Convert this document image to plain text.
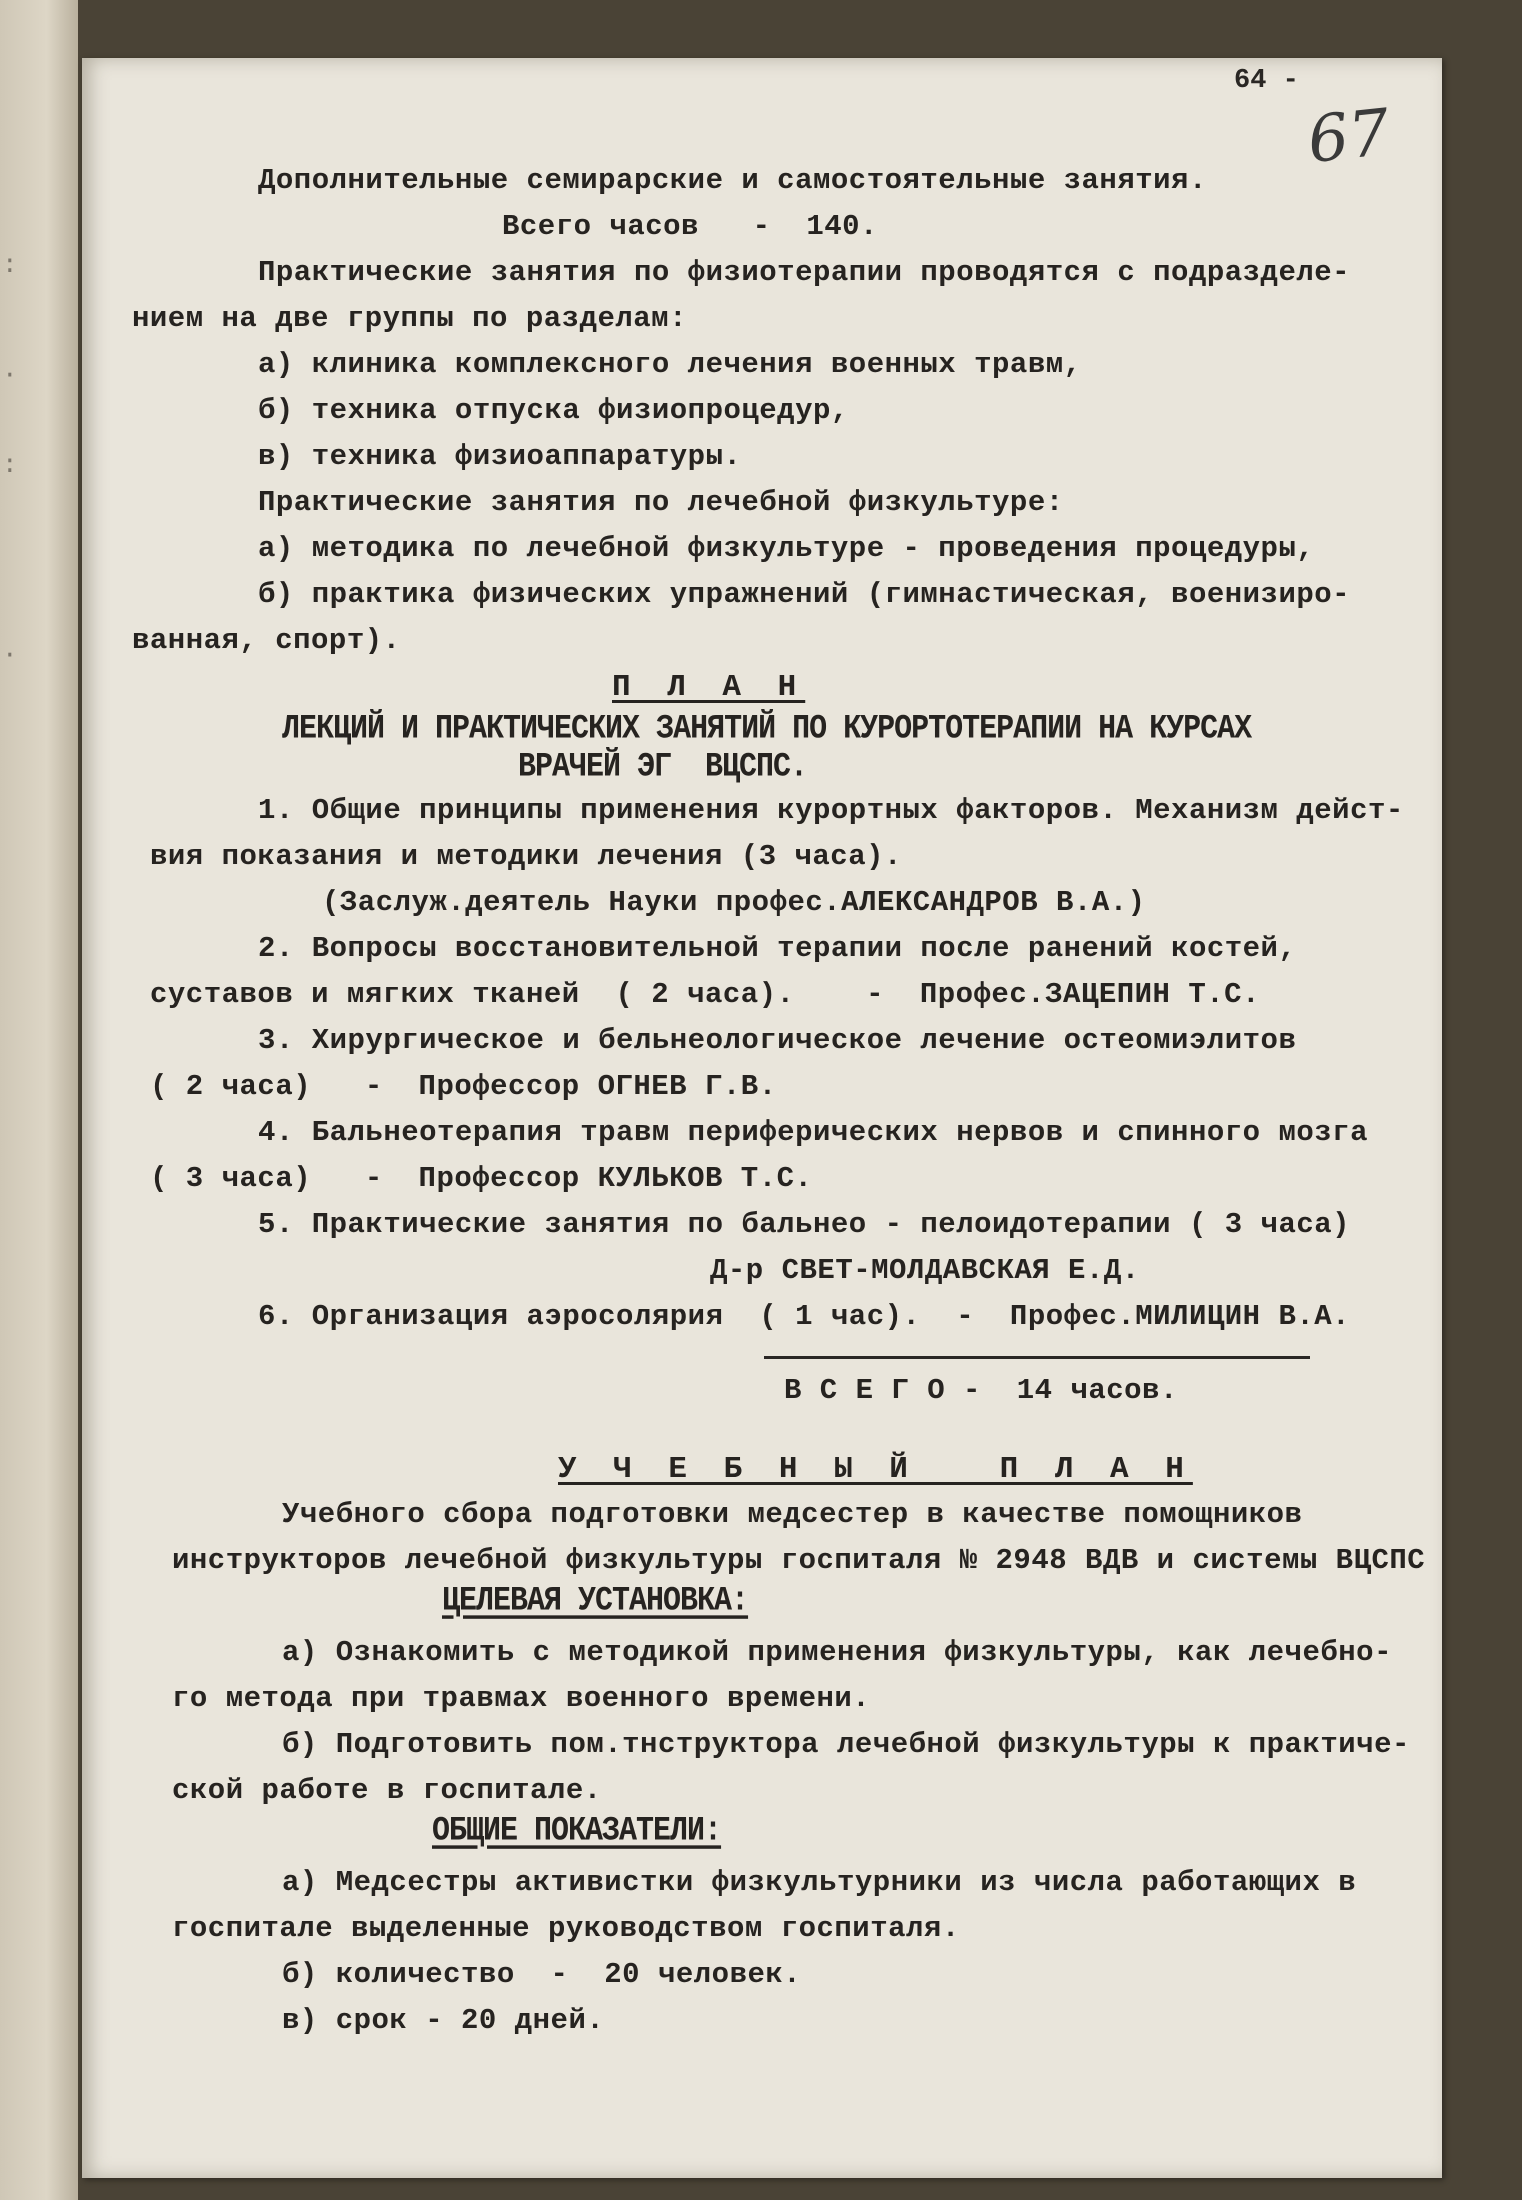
:
·
:
·
64 -
67
Дополнительные семирарские и самостоятельные занятия.
Всего часов   -  140.
Практические занятия по физиотерапии проводятся с подразделе-
нием на две группы по разделам:
а) клиника комплексного лечения военных травм,
б) техника отпуска физиопроцедур,
в) техника физиоаппаратуры.
Практические занятия по лечебной физкультуре:
а) методика по лечебной физкультуре - проведения процедуры,
б) практика физических упражнений (гимнастическая, военизиро-
ванная, спорт).
П Л А Н
ЛЕКЦИЙ И ПРАКТИЧЕСКИХ ЗАНЯТИЙ ПО КУРОРТОТЕРАПИИ НА КУРСАХ
ВРАЧЕЙ ЭГ  ВЦСПС.
1. Общие принципы применения курортных факторов. Механизм дейст-
вия показания и методики лечения (3 часа).
(Заслуж.деятель Науки профес.АЛЕКСАНДРОВ В.А.)
2. Вопросы восстановительной терапии после ранений костей,
суставов и мягких тканей  ( 2 часа).    -  Профес.ЗАЦЕПИН Т.С.
3. Хирургическое и бельнеологическое лечение остеомиэлитов
( 2 часа)   -  Профессор ОГНЕВ Г.В.
4. Бальнеотерапия травм периферических нервов и спинного мозга
( 3 часа)   -  Профессор КУЛЬКОВ Т.С.
5. Практические занятия по бальнео - пелоидотерапии ( 3 часа)
Д-р СВЕТ-МОЛДАВСКАЯ Е.Д.
6. Организация аэросолярия  ( 1 час).  -  Профес.МИЛИЦИН В.А.
В С Е Г О -  14 часов.
У Ч Е Б Н Ы Й   П Л А Н
Учебного сбора подготовки медсестер в качестве помощников
инструкторов лечебной физкультуры госпиталя № 2948 ВДВ и системы ВЦСПС
ЦЕЛЕВАЯ УСТАНОВКА:
а) Ознакомить с методикой применения физкультуры, как лечебно-
го метода при травмах военного времени.
б) Подготовить пом.тнструктора лечебной физкультуры к практиче-
ской работе в госпитале.
ОБЩИЕ ПОКАЗАТЕЛИ:
а) Медсестры активистки физкультурники из числа работающих в
госпитале выделенные руководством госпиталя.
б) количество  -  20 человек.
в) срок - 20 дней.
